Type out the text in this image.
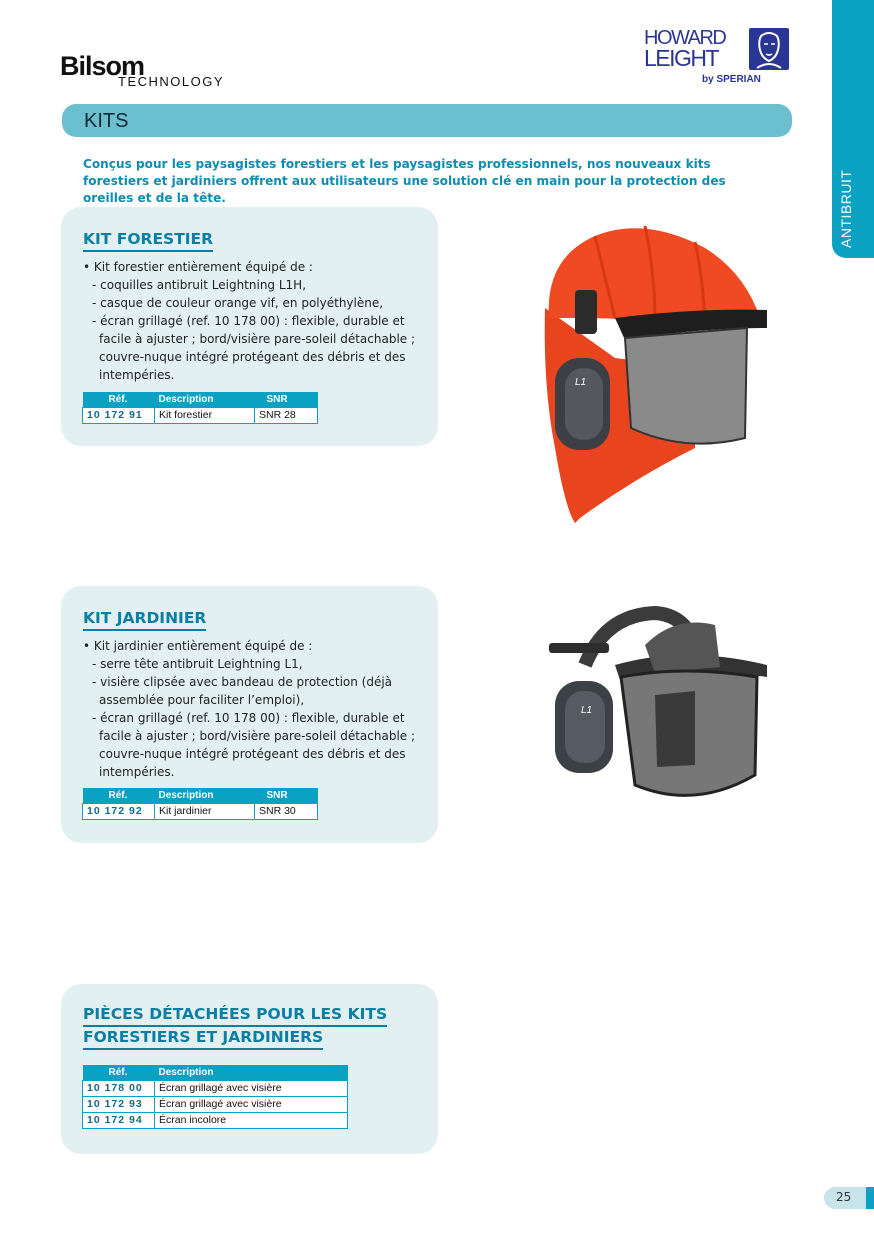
Bilsom
TECHNOLOGY
HOWARD
LEIGHT
by SPERIAN
ANTIBRUIT
KITS
Conçus pour les paysagistes forestiers et les paysagistes professionnels, nos nouveaux kits forestiers et jardiniers offrent aux utilisateurs une solution clé en main pour la protection des oreilles et de la tête.
KIT FORESTIER
• Kit forestier entièrement équipé de :
- coquilles antibruit Leightning L1H,
- casque de couleur orange vif, en polyéthylène,
- écran grillagé (ref. 10 178 00) : flexible, durable et facile à ajuster ; bord/visière pare-soleil détachable ; couvre-nuque intégré protégeant des débris et des intempéries.
Réf.	Description	SNR
10 172 91	Kit forestier	SNR 28
L1
KIT JARDINIER
• Kit jardinier entièrement équipé de :
- serre tête antibruit Leightning L1,
- visière clipsée avec bandeau de protection (déjà assemblée pour faciliter l’emploi),
- écran grillagé (ref. 10 178 00) : flexible, durable et facile à ajuster ; bord/visière pare-soleil détachable ; couvre-nuque intégré protégeant des débris et des intempéries.
Réf.	Description	SNR
10 172 92	Kit jardinier	SNR 30
L1
PIÈCES DÉTACHÉES POUR LES KITS
FORESTIERS ET JARDINIERS
Réf.	Description
10 178 00	Écran grillagé avec visière
10 172 93	Écran grillagé avec visière
10 172 94	Écran incolore
25
